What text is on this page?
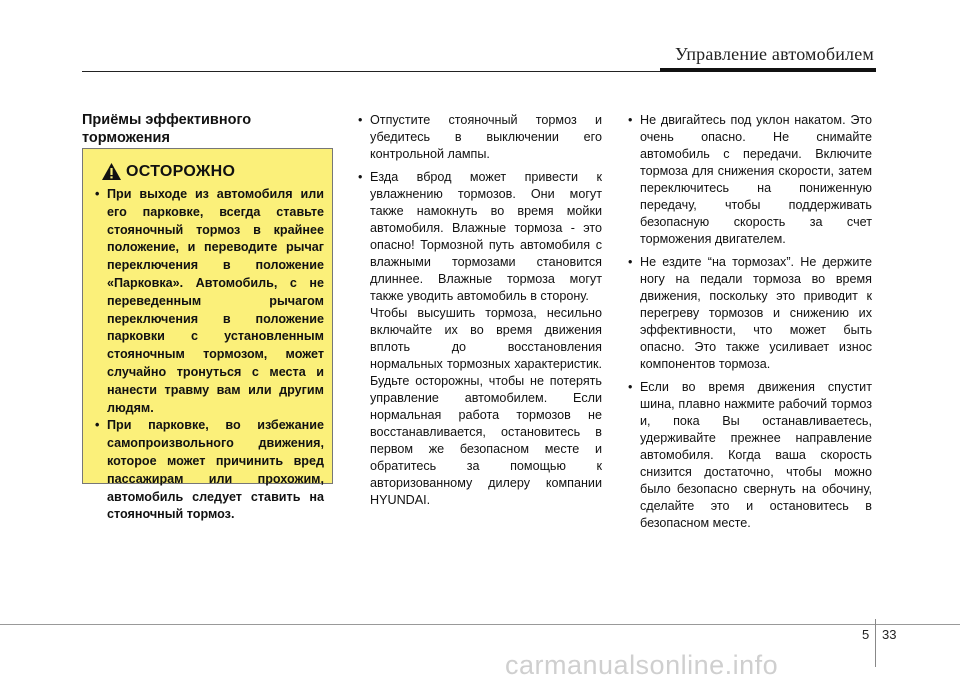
Управление автомобилем
Приёмы эффективного торможения
ОСТОРОЖНО
• При выходе из автомобиля или его парковке, всегда ставьте стояночный тормоз в крайнее положение, и переводите рычаг переключения в положение «Парковка». Автомобиль, с не переведенным рычагом переключения в положение парковки с установленным стояночным тормозом, может случайно тронуться с места и нанести травму вам или другим людям.
• При парковке, во избежание самопроизвольного движения, которое может причинить вред пассажирам или прохожим, автомобиль следует ставить на стояночный тормоз.
• Отпустите стояночный тормоз и убедитесь в выключении его контрольной лампы.
• Езда вброд может привести к увлажнению тормозов. Они могут также намокнуть во время мойки автомобиля. Влажные тормоза - это опасно! Тормозной путь автомобиля с влажными тормозами становится длиннее. Влажные тормоза могут также уводить автомобиль в сторону.

Чтобы высушить тормоза, несильно включайте их во время движения вплоть до восстановления нормальных тормозных характеристик. Будьте осторожны, чтобы не потерять управление автомобилем. Если нормальная работа тормозов не восстанавливается, остановитесь в первом же безопасном месте и обратитесь за помощью к авторизованному дилеру компании HYUNDAI.

• Не двигайтесь под уклон накатом. Это очень опасно. Не снимайте автомобиль с передачи. Включите тормоза для снижения скорости, затем переключитесь на пониженную передачу, чтобы поддерживать безопасную скорость за счет торможения двигателем.
• Не ездите “на тормозах”. Не держите ногу на педали тормоза во время движения, поскольку это приводит к перегреву тормозов и снижению их эффективности, что может быть опасно. Это также усиливает износ компонентов тормоза.
• Если во время движения спустит шина, плавно нажмите рабочий тормоз и, пока Вы останавливаетесь, удерживайте прежнее направление автомобиля. Когда ваша скорость снизится достаточно, чтобы можно было безопасно свернуть на обочину, сделайте это и остановитесь в безопасном месте.
5 33
carmanualsonline.info
